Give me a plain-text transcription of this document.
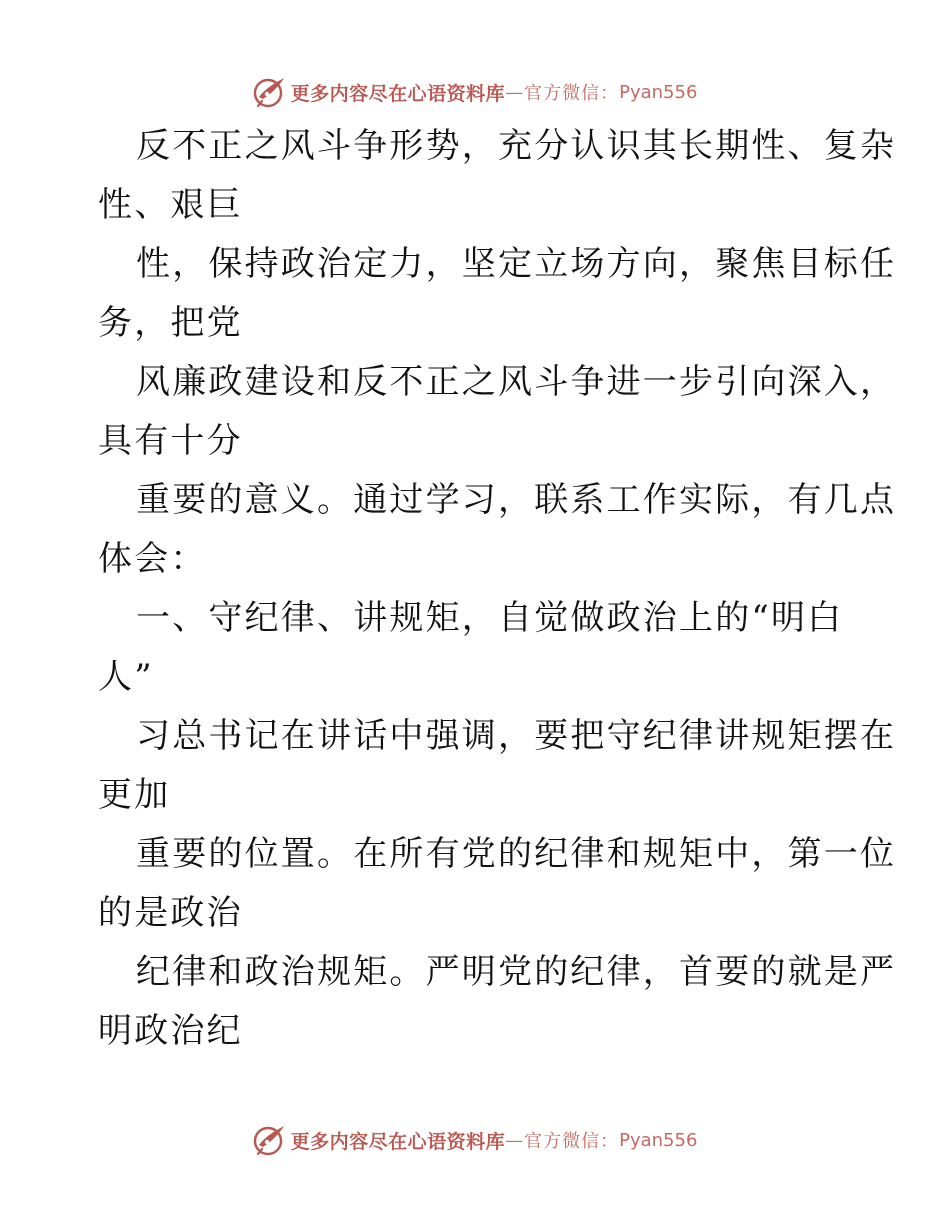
更多内容尽在心语资料库 — 官方微信： Pyan556
反不正之风斗争形势，充分认识其长期性、复杂
性、艰巨
性，保持政治定力，坚定立场方向，聚焦目标任
务，把党
风廉政建设和反不正之风斗争进一步引向深入，
具有十分
重要的意义。通过学习，联系工作实际，有几点
体会：
一、守纪律、讲规矩，自觉做政治上的“明白
人”
习总书记在讲话中强调，要把守纪律讲规矩摆在
更加
重要的位置。在所有党的纪律和规矩中，第一位
的是政治
纪律和政治规矩。严明党的纪律，首要的就是严
明政治纪
更多内容尽在心语资料库 — 官方微信： Pyan556
